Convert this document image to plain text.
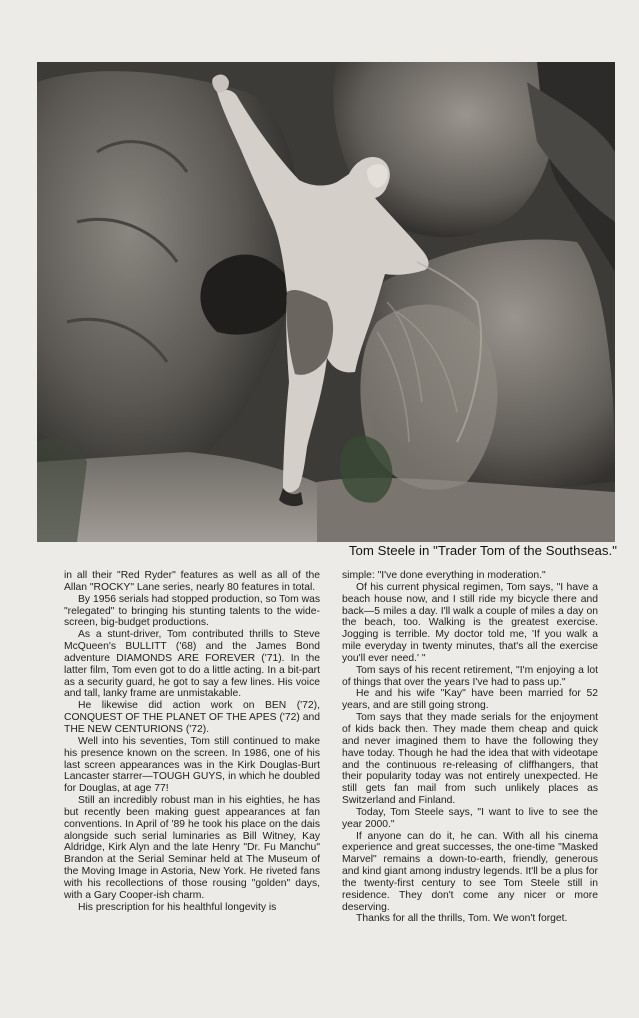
Tom Steele in "Trader Tom of the Southseas."

in all their "Red Ryder" features as well as all of the Allan "ROCKY" Lane series, nearly 80 features in total.

By 1956 serials had stopped production, so Tom was "relegated" to bringing his stunting talents to the wide-screen, big-budget productions.

As a stunt-driver, Tom contributed thrills to Steve McQueen's BULLITT ('68) and the James Bond adventure DIAMONDS ARE FOREVER ('71). In the latter film, Tom even got to do a little acting. In a bit-part as a security guard, he got to say a few lines. His voice and tall, lanky frame are unmistakable.

He likewise did action work on BEN ('72), CONQUEST OF THE PLANET OF THE APES ('72) and THE NEW CENTURIONS ('72).

Well into his seventies, Tom still continued to make his presence known on the screen. In 1986, one of his last screen appearances was in the Kirk Douglas-Burt Lancaster starrer—TOUGH GUYS, in which he doubled for Douglas, at age 77!

Still an incredibly robust man in his eighties, he has but recently been making guest appearances at fan conventions. In April of '89 he took his place on the dais alongside such serial luminaries as Bill Witney, Kay Aldridge, Kirk Alyn and the late Henry "Dr. Fu Manchu" Brandon at the Serial Seminar held at The Museum of the Moving Image in Astoria, New York. He riveted fans with his recollections of those rousing "golden" days, with a Gary Cooper-ish charm.

His prescription for his healthful longevity is

simple: "I've done everything in moderation."

Of his current physical regimen, Tom says, "I have a beach house now, and I still ride my bicycle there and back—5 miles a day. I'll walk a couple of miles a day on the beach, too. Walking is the greatest exercise. Jogging is terrible. My doctor told me, 'If you walk a mile everyday in twenty minutes, that's all the exercise you'll ever need.' "

Tom says of his recent retirement, "I'm enjoying a lot of things that over the years I've had to pass up."

He and his wife "Kay" have been married for 52 years, and are still going strong.

Tom says that they made serials for the enjoyment of kids back then. They made them cheap and quick and never imagined them to have the following they have today. Though he had the idea that with videotape and the continuous re-releasing of cliffhangers, that their popularity today was not entirely unexpected. He still gets fan mail from such unlikely places as Switzerland and Finland.

Today, Tom Steele says, "I want to live to see the year 2000."

If anyone can do it, he can. With all his cinema experience and great successes, the one-time "Masked Marvel" remains a down-to-earth, friendly, generous and kind giant among industry legends. It'll be a plus for the twenty-first century to see Tom Steele still in residence. They don't come any nicer or more deserving.

Thanks for all the thrills, Tom. We won't forget.
